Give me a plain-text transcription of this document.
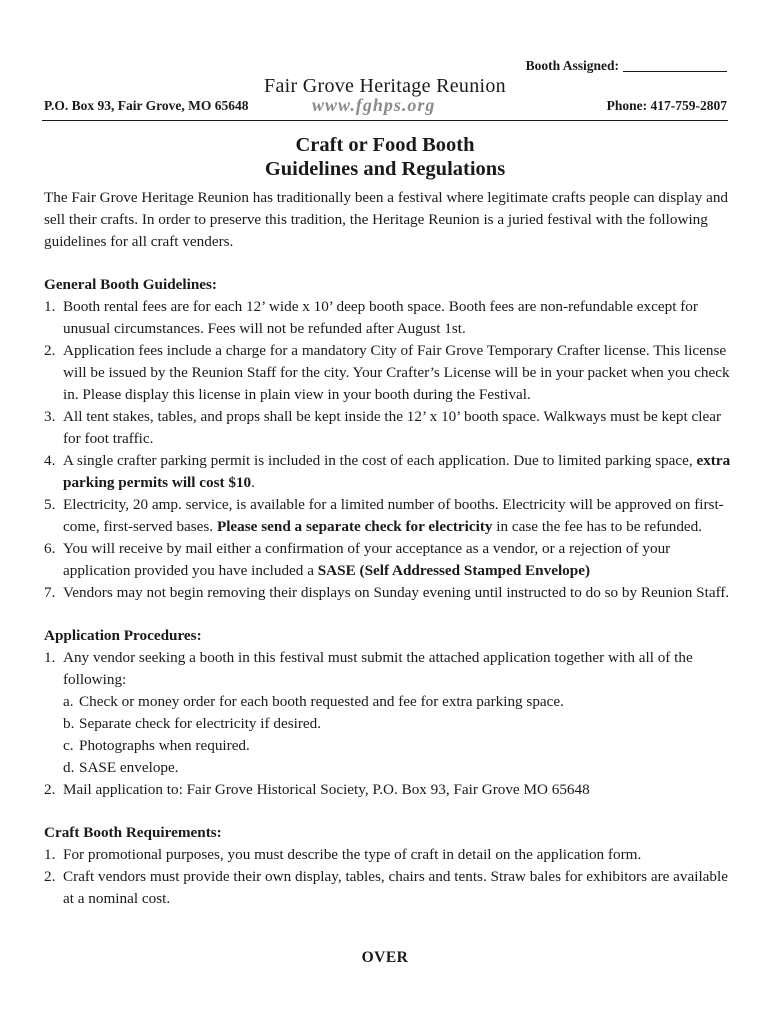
Booth Assigned:
Fair Grove Heritage Reunion
P.O. Box 93, Fair Grove, MO 65648	www.fghps.org	Phone: 417-759-2807
Craft or Food Booth
Guidelines and Regulations
The Fair Grove Heritage Reunion has traditionally been a festival where legitimate crafts people can display and sell their crafts. In order to preserve this tradition, the Heritage Reunion is a juried festival with the following guidelines for all craft venders.
General Booth Guidelines:
1. Booth rental fees are for each 12’ wide x 10’ deep booth space. Booth fees are non-refundable except for unusual circumstances. Fees will not be refunded after August 1st.
2. Application fees include a charge for a mandatory City of Fair Grove Temporary Crafter license. This license will be issued by the Reunion Staff for the city. Your Crafter’s License will be in your packet when you check in. Please display this license in plain view in your booth during the Festival.
3. All tent stakes, tables, and props shall be kept inside the 12’ x 10’ booth space. Walkways must be kept clear for foot traffic.
4. A single crafter parking permit is included in the cost of each application. Due to limited parking space, extra parking permits will cost $10.
5. Electricity, 20 amp. service, is available for a limited number of booths. Electricity will be approved on first-come, first-served bases. Please send a separate check for electricity in case the fee has to be refunded.
6. You will receive by mail either a confirmation of your acceptance as a vendor, or a rejection of your application provided you have included a SASE (Self Addressed Stamped Envelope)
7. Vendors may not begin removing their displays on Sunday evening until instructed to do so by Reunion Staff.
Application Procedures:
1. Any vendor seeking a booth in this festival must submit the attached application together with all of the following:
a. Check or money order for each booth requested and fee for extra parking space.
b. Separate check for electricity if desired.
c. Photographs when required.
d. SASE envelope.
2. Mail application to: Fair Grove Historical Society, P.O. Box 93, Fair Grove MO 65648
Craft Booth Requirements:
1. For promotional purposes, you must describe the type of craft in detail on the application form.
2. Craft vendors must provide their own display, tables, chairs and tents. Straw bales for exhibitors are available at a nominal cost.
OVER
